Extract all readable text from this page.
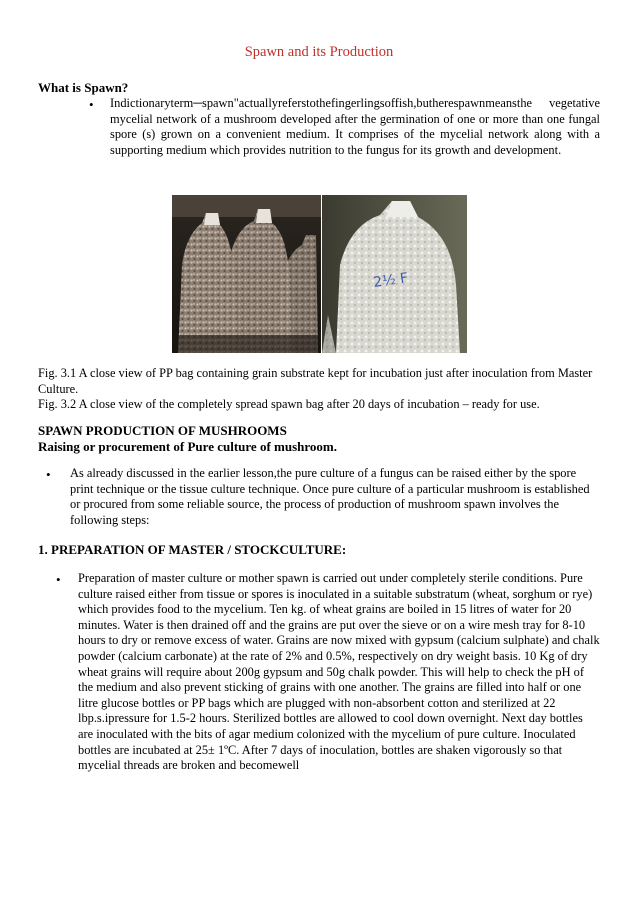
Spawn and its Production
What is Spawn?
• Indictionaryterm─spawn"actuallyreferstothefingerlingsoffish,butherespawnmeansthe vegetative mycelial network of a mushroom developed after the germination of one or more than one fungal spore (s) grown on a convenient medium. It comprises of the mycelial network along with a supporting medium which provides nutrition to the fungus for its growth and development.
2½ F
Fig. 3.1 A close view of PP bag containing grain substrate kept for incubation just after inoculation from Master Culture.
Fig. 3.2 A close view of the completely spread spawn bag after 20 days of incubation – ready for use.
SPAWN PRODUCTION OF MUSHROOMS
Raising or procurement of Pure culture of mushroom.
• As already discussed in the earlier lesson,the pure culture of a fungus can be raised either by the spore print technique or the tissue culture technique. Once pure culture of a particular mushroom is established or procured from some reliable source, the process of production of mushroom spawn involves the following steps:
1. PREPARATION OF MASTER / STOCKCULTURE:
• Preparation of master culture or mother spawn is carried out under completely sterile conditions. Pure culture raised either from tissue or spores is inoculated in a suitable substratum (wheat, sorghum or rye) which provides food to the mycelium. Ten kg. of wheat grains are boiled in 15 litres of water for 20 minutes. Water is then drained off and the grains are put over the sieve or on a wire mesh tray for 8-10 hours to dry or remove excess of water. Grains are now mixed with gypsum (calcium sulphate) and chalk powder (calcium carbonate) at the rate of 2% and 0.5%, respectively on dry weight basis. 10 Kg of dry wheat grains will require about 200g gypsum and 50g chalk powder. This will help to check the pH of the medium and also prevent sticking of grains with one another. The grains are filled into half or one litre glucose bottles or PP bags which are plugged with non-absorbent cotton and sterilized at 22 lbp.s.ipressure for 1.5-2 hours. Sterilized bottles are allowed to cool down overnight. Next day bottles are inoculated with the bits of agar medium colonized with the mycelium of pure culture. Inoculated bottles are incubated at 25± 1ºC. After 7 days of inoculation, bottles are shaken vigorously so that mycelial threads are broken and becomewell
